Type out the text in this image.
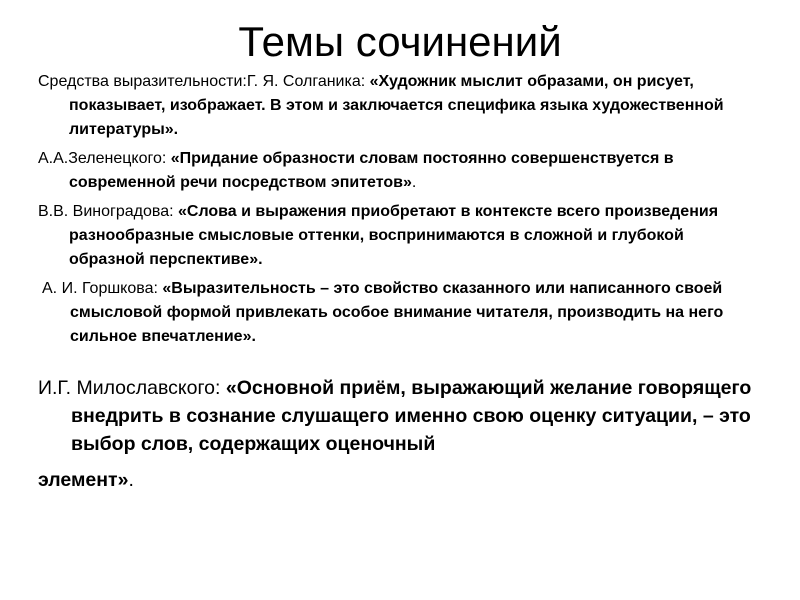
Темы сочинений
Средства выразительности:Г. Я. Солганика: «Художник мыслит образами, он рисует, показывает, изображает. В этом и заключается специфика языка художественной литературы».
А.А.Зеленецкого: «Придание образности словам постоянно совершенствуется в современной речи посредством эпитетов».
В.В. Виноградова: «Слова и выражения приобретают в контексте всего произведения разнообразные смысловые оттенки, воспринимаются в сложной и глубокой образной перспективе».
А. И. Горшкова: «Выразительность – это свойство сказанного или написанного своей смысловой формой привлекать особое внимание читателя, производить на него сильное впечатление».
И.Г. Милославского: «Основной приём, выражающий желание говорящего внедрить в сознание слушащего именно свою оценку ситуации, – это выбор слов, содержащих оценочный
элемент».
